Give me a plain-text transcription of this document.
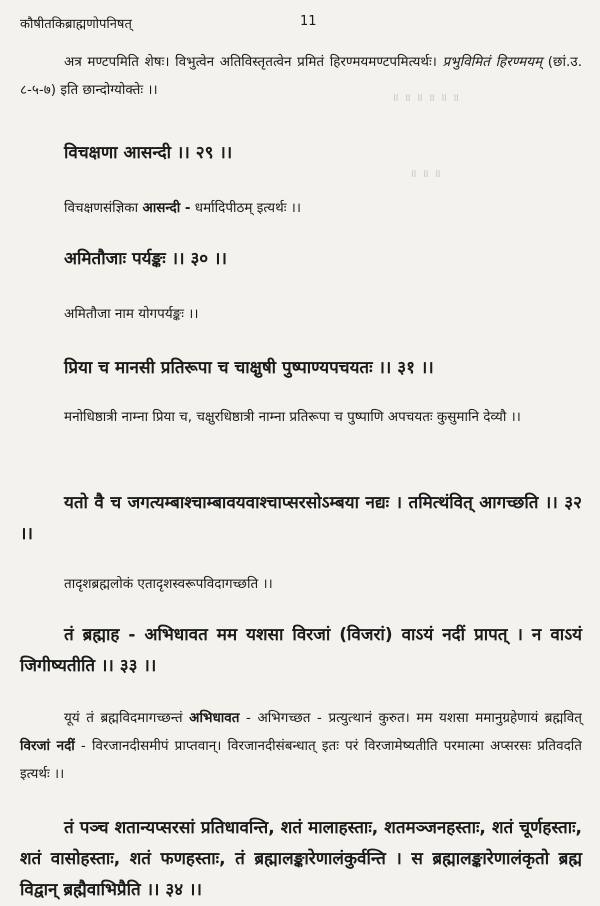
कौषीतकिब्राह्मणोपनिषत्	11
॥ ॥ ॥ ॥ ॥ ॥
॥ ॥ ॥

अत्र मण्टपमिति शेषः। विभुत्वेन अतिविस्तृतत्वेन प्रमितं हिरण्मयमण्टपमित्यर्थः। प्रभुविमितं हिरण्मयम् (छां.उ. ८-५-७) इति छान्दोग्योक्तेः ।।

विचक्षणा आसन्दी ।। २९ ।।
विचक्षणसंज्ञिका आसन्दी - धर्मादिपीठम् इत्यर्थः ।।
अमितौजाः पर्यङ्कः ।। ३० ।।
अमितौजा नाम योगपर्यङ्कः ।।
प्रिया च मानसी प्रतिरूपा च चाक्षुषी पुष्पाण्यपचयतः ।। ३१ ।।

मनोधिष्ठात्री नाम्ना प्रिया च, चक्षुरधिष्ठात्री नाम्ना प्रतिरूपा च पुष्पाणि अपचयतः कुसुमानि देव्यौ ।।

यतो वै च जगत्यम्बाश्चाम्बावयवाश्चाप्सरसोऽम्बया नद्यः । तमित्थंवित् आगच्छति ।। ३२ ।।
तादृशब्रह्मलोकं एतादृशस्वरूपविदागच्छति ।।
तं ब्रह्माह - अभिधावत मम यशसा विरजां (विजरां) वाऽयं नदीं प्रापत् । न वाऽयं जिगीष्यतीति ।। ३३ ।।

यूयं तं ब्रह्मविदमागच्छन्तं अभिधावत - अभिगच्छत - प्रत्युत्थानं कुरुत। मम यशसा ममानुग्रहेणायं ब्रह्मवित् विरजां नदीं - विरजानदीसमीपं प्राप्तवान्। विरजानदीसंबन्धात् इतः परं विरजामेष्यतीति परमात्मा अप्सरसः प्रतिवदति इत्यर्थः ।।

तं पञ्च शतान्यप्सरसां प्रतिधावन्ति, शतं मालाहस्ताः, शतमञ्जनहस्ताः, शतं चूर्णहस्ताः, शतं वासोहस्ताः, शतं फणहस्ताः, तं ब्रह्मालङ्कारेणालंकुर्वन्ति । स ब्रह्मालङ्कारेणालंकृतो ब्रह्म विद्वान् ब्रह्मैवाभिप्रैति ।। ३४ ।।
